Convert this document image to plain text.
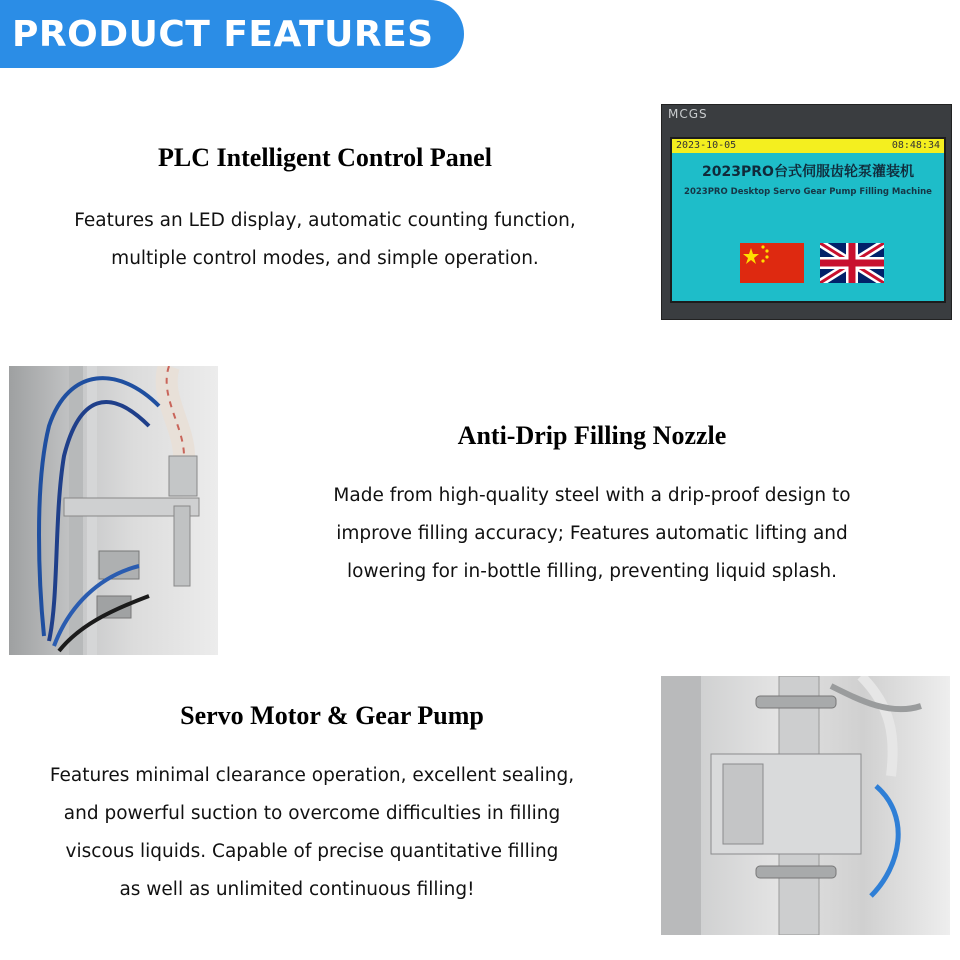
PRODUCT FEATURES
PLC Intelligent Control Panel
Features an LED display, automatic counting function,
multiple control modes, and simple operation.
MCGS
2023-10-05	08:48:34
2023PRO台式伺服齿轮泵灌装机
2023PRO Desktop Servo Gear Pump Filling Machine
Anti-Drip Filling Nozzle
Made from high-quality steel with a drip-proof design to
improve filling accuracy; Features automatic lifting and
lowering for in-bottle filling, preventing liquid splash.
Servo Motor & Gear Pump
Features minimal clearance operation, excellent sealing,
and powerful suction to overcome difficulties in filling
viscous liquids. Capable of precise quantitative filling
as well as unlimited continuous filling!
